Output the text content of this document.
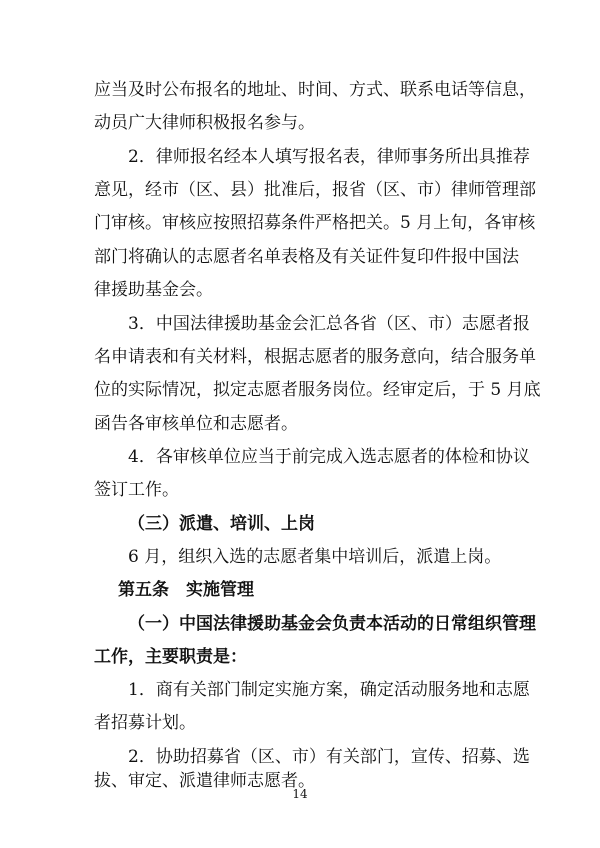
应当及时公布报名的地址、时间、方式、联系电话等信息，
动员广大律师积极报名参与。
2．律师报名经本人填写报名表，律师事务所出具推荐
意见，经市（区、县）批准后，报省（区、市）律师管理部
门审核。审核应按照招募条件严格把关。5 月上旬，各审核
部门将确认的志愿者名单表格及有关证件复印件报中国法
律援助基金会。
3．中国法律援助基金会汇总各省（区、市）志愿者报
名申请表和有关材料，根据志愿者的服务意向，结合服务单
位的实际情况，拟定志愿者服务岗位。经审定后，于 5 月底
函告各审核单位和志愿者。
4．各审核单位应当于前完成入选志愿者的体检和协议
签订工作。
（三）派遣、培训、上岗
6 月，组织入选的志愿者集中培训后，派遣上岗。
第五条　实施管理
（一）中国法律援助基金会负责本活动的日常组织管理
工作，主要职责是：
1．商有关部门制定实施方案，确定活动服务地和志愿
者招募计划。
2．协助招募省（区、市）有关部门，宣传、招募、选
拔、审定、派遣律师志愿者。
14
